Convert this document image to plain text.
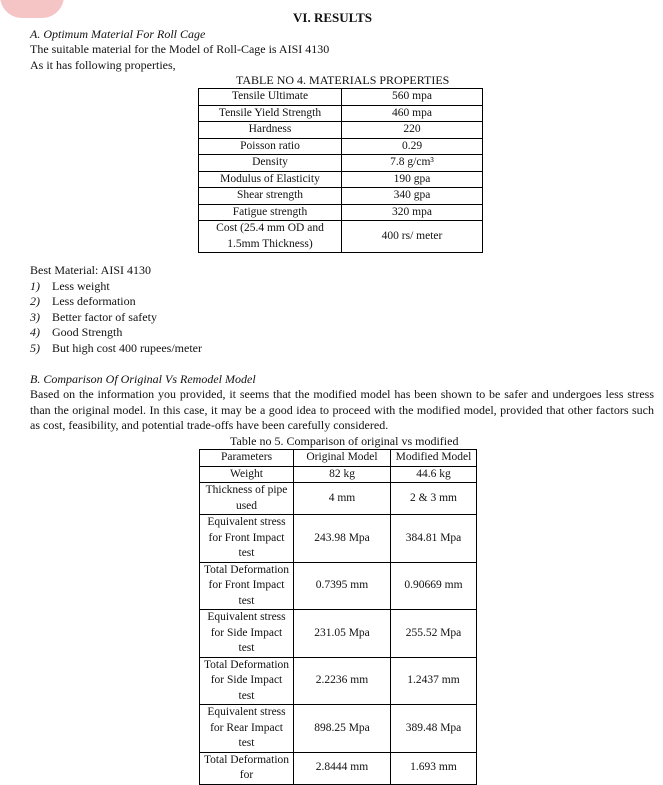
VI. RESULTS
A. Optimum Material For Roll Cage
The suitable material for the Model of Roll-Cage is AISI 4130
As it has following properties,
TABLE NO 4. MATERIALS PROPERTIES
Tensile Ultimate	560 mpa
Tensile Yield Strength	460 mpa
Hardness	220
Poisson ratio	0.29
Density	7.8 g/cm³
Modulus of Elasticity	190 gpa
Shear strength	340 gpa
Fatigue strength	320 mpa
Cost (25.4 mm OD and 1.5mm Thickness)	400 rs/ meter
Best Material: AISI 4130
1) Less weight
2) Less deformation
3) Better factor of safety
4) Good Strength
5) But high cost 400 rupees/meter
B. Comparison Of Original Vs Remodel Model
Based on the information you provided, it seems that the modified model has been shown to be safer and undergoes less stress than the original model. In this case, it may be a good idea to proceed with the modified model, provided that other factors such as cost, feasibility, and potential trade-offs have been carefully considered.
Table no 5. Comparison of original vs modified
Parameters	Original Model	Modified Model
Weight	82 kg	44.6 kg
Thickness of pipe used	4 mm	2 & 3 mm
Equivalent stress for Front Impact test	243.98 Mpa	384.81 Mpa
Total Deformation for Front Impact test	0.7395 mm	0.90669 mm
Equivalent stress for Side Impact test	231.05 Mpa	255.52 Mpa
Total Deformation for Side Impact test	2.2236 mm	1.2437 mm
Equivalent stress for Rear Impact test	898.25 Mpa	389.48 Mpa
Total Deformation for	2.8444 mm	1.693 mm
